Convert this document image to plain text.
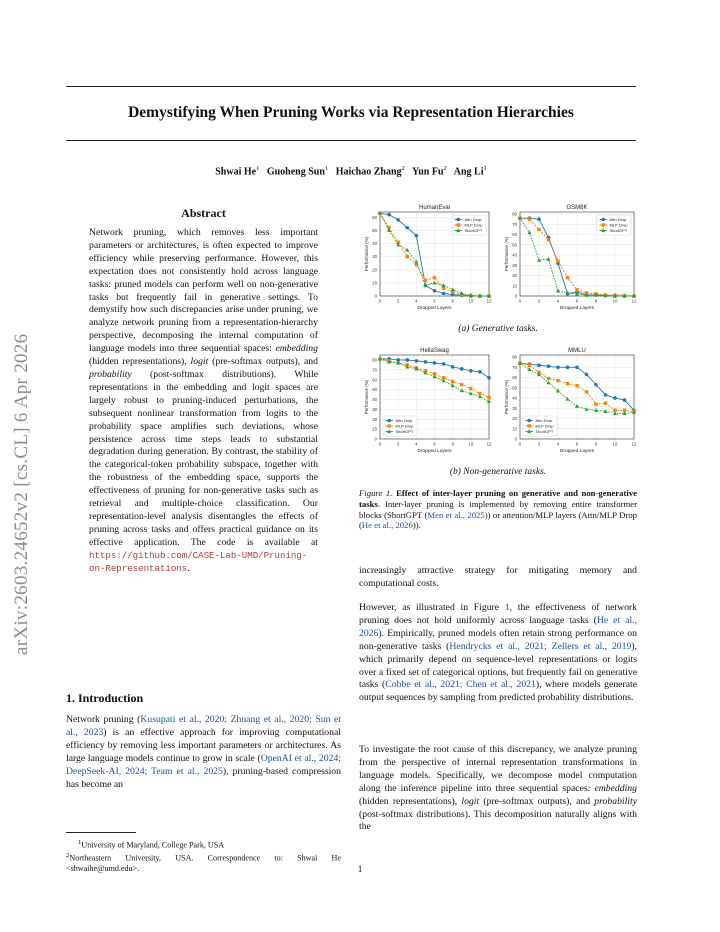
Demystifying When Pruning Works via Representation Hierarchies
Shwai He$^1$ Guoheng Sun$^1$ Haichao Zhang$^2$ Yun Fu$^2$ Ang Li$^1$
arXiv:2603.24652v2 [cs.CL] 6 Apr 2026
Abstract
Network pruning, which removes less important parameters or architectures, is often expected to improve efficiency while preserving performance. However, this expectation does not consistently hold across language tasks: pruned models can perform well on non-generative tasks but frequently fail in generative settings. To demystify how such discrepancies arise under pruning, we analyze network pruning from a representation-hierarchy perspective, decomposing the internal computation of language models into three sequential spaces: embedding (hidden representations), logit (pre-softmax outputs), and probability (post-softmax distributions). While representations in the embedding and logit spaces are largely robust to pruning-induced perturbations, the subsequent nonlinear transformation from logits to the probability space amplifies such deviations, whose persistence across time steps leads to substantial degradation during generation. By contrast, the stability of the categorical-token probability subspace, together with the robustness of the embedding space, supports the effectiveness of pruning for non-generative tasks such as retrieval and multiple-choice classification. Our representation-level analysis disentangles the effects of pruning across tasks and offers practical guidance on its effective application. The code is available at https://github.com/CASE-Lab-UMD/Pruning-on-Representations.
1. Introduction
Network pruning (Kusupati et al., 2020; Zhuang et al., 2020; Sun et al., 2023) is an effective approach for improving computational efficiency by removing less important parameters or architectures. As large language models continue to grow in scale (OpenAI et al., 2024; DeepSeek-AI, 2024; Team et al., 2025), pruning-based compression has become an
$^1$University of Maryland, College Park, USA
$^2$Northeastern University, USA. Correspondence to: Shwai He <shwaihe@umd.edu>.
HumanEval
0
10
20
30
40
50
60
0	2	4	6	8	10	12
Dropped Layers
Performance (%)
Attn Drop
MLP Drop
ShortGPT
GSM8K
0
10
20
30
40
50
60
70
80
0	2	4	6	8	10	12
Dropped Layers
Performance (%)
Attn Drop
MLP Drop
ShortGPT
(a) Generative tasks.
HellaSwag
0
10
20
30
40
50
60
70
80
0	2	4	6	8	10	12
Dropped Layers
Performance (%)
Attn Drop
MLP Drop
ShortGPT
MMLU
0
10
20
30
40
50
60
70
80
0	2	4	6	8	10	12
Dropped Layers
Performance (%)
Attn Drop
MLP Drop
ShortGPT
(b) Non-generative tasks.
Figure 1. Effect of inter-layer pruning on generative and non-generative tasks. Inter-layer pruning is implemented by removing entire transformer blocks (ShortGPT (Men et al., 2025)) or attention/MLP layers (Attn/MLP Drop (He et al., 2026)).
increasingly attractive strategy for mitigating memory and computational costs.
However, as illustrated in Figure 1, the effectiveness of network pruning does not hold uniformly across language tasks (He et al., 2026). Empirically, pruned models often retain strong performance on non-generative tasks (Hendrycks et al., 2021; Zellers et al., 2019), which primarily depend on sequence-level representations or logits over a fixed set of categorical options, but frequently fail on generative tasks (Cobbe et al., 2021; Chen et al., 2021), where models generate output sequences by sampling from predicted probability distributions.
To investigate the root cause of this discrepancy, we analyze pruning from the perspective of internal representation transformations in language models. Specifically, we decompose model computation along the inference pipeline into three sequential spaces: embedding (hidden representations), logit (pre-softmax outputs), and probability (post-softmax distributions). This decomposition naturally aligns with the
1
